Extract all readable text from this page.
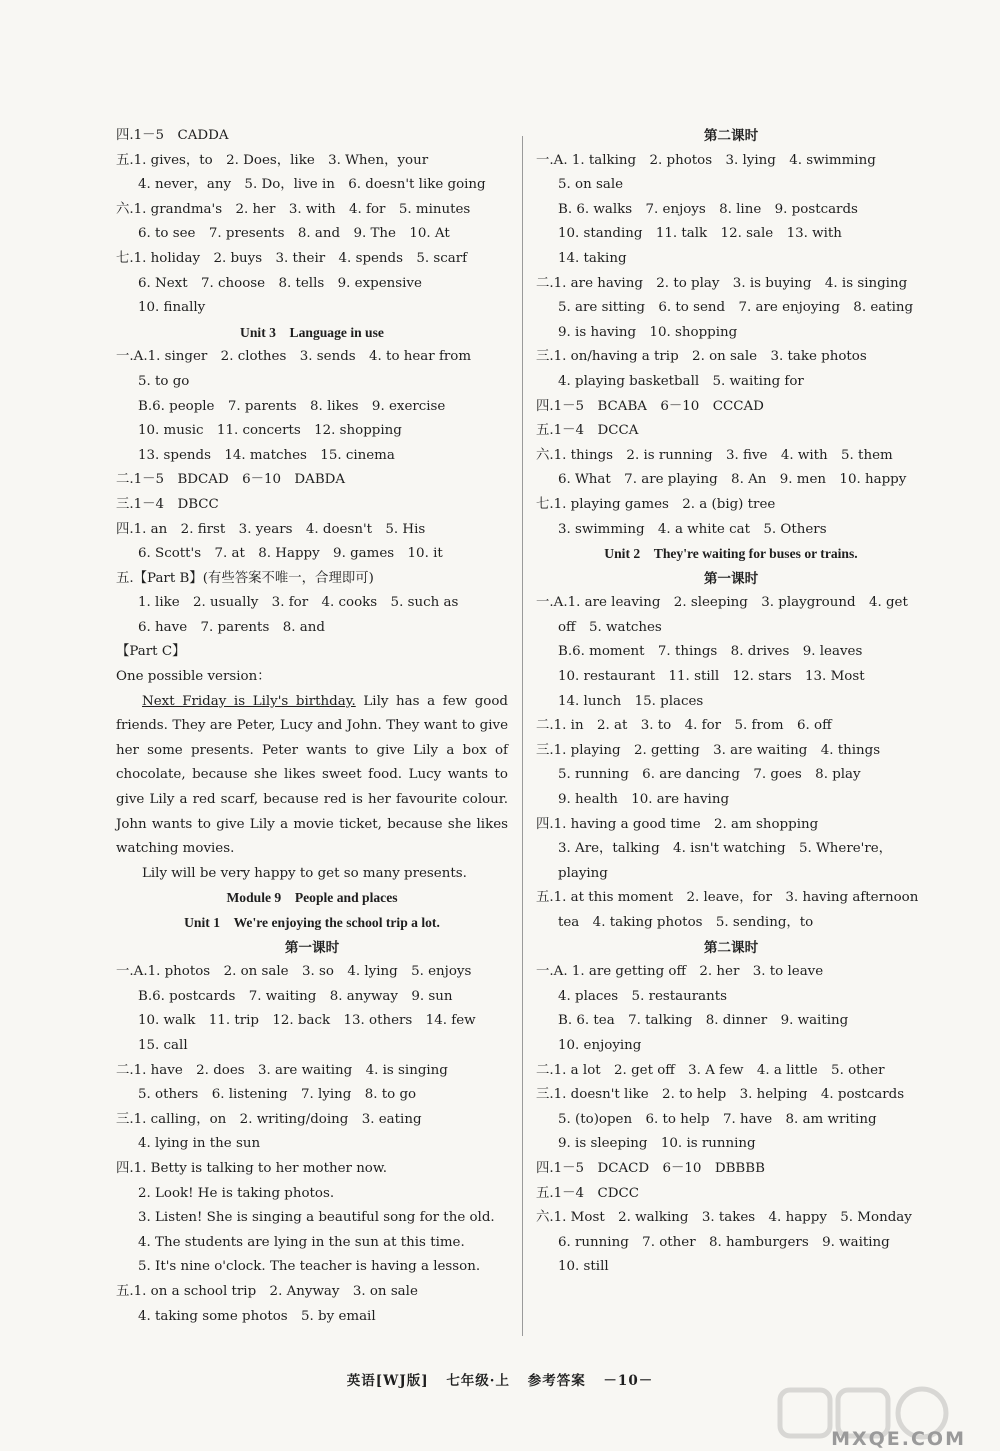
四.1－5　CADDA
五.1. gives，to　2. Does，like　3. When，your
4. never，any　5. Do，live in　6. doesn't like going
六.1. grandma's　2. her　3. with　4. for　5. minutes
6. to see　7. presents　8. and　9. The　10. At
七.1. holiday　2. buys　3. their　4. spends　5. scarf
6. Next　7. choose　8. tells　9. expensive
10. finally
Unit 3　Language in use
一.A.1. singer　2. clothes　3. sends　4. to hear from
5. to go
B.6. people　7. parents　8. likes　9. exercise
10. music　11. concerts　12. shopping
13. spends　14. matches　15. cinema
二.1－5　BDCAD　6－10　DABDA
三.1－4　DBCC
四.1. an　2. first　3. years　4. doesn't　5. His
6. Scott's　7. at　8. Happy　9. games　10. it
五.【Part B】(有些答案不唯一，合理即可)
1. like　2. usually　3. for　4. cooks　5. such as
6. have　7. parents　8. and
【Part C】
One possible version：

Next Friday is Lily's birthday. Lily has a few good friends. They are Peter, Lucy and John. They want to give her some presents. Peter wants to give Lily a box of chocolate, because she likes sweet food. Lucy wants to give Lily a red scarf, because red is her favourite colour. John wants to give Lily a movie ticket, because she likes watching movies.

Lily will be very happy to get so many presents.

Module 9　People and places
Unit 1　We're enjoying the school trip a lot.
第一课时
一.A.1. photos　2. on sale　3. so　4. lying　5. enjoys
B.6. postcards　7. waiting　8. anyway　9. sun
10. walk　11. trip　12. back　13. others　14. few
15. call
二.1. have　2. does　3. are waiting　4. is singing
5. others　6. listening　7. lying　8. to go
三.1. calling，on　2. writing/doing　3. eating
4. lying in the sun
四.1. Betty is talking to her mother now.
2. Look! He is taking photos.
3. Listen! She is singing a beautiful song for the old.
4. The students are lying in the sun at this time.
5. It's nine o'clock. The teacher is having a lesson.
五.1. on a school trip　2. Anyway　3. on sale
4. taking some photos　5. by email
第二课时
一.A. 1. talking　2. photos　3. lying　4. swimming
5. on sale
B. 6. walks　7. enjoys　8. line　9. postcards
10. standing　11. talk　12. sale　13. with
14. taking
二.1. are having　2. to play　3. is buying　4. is singing
5. are sitting　6. to send　7. are enjoying　8. eating
9. is having　10. shopping
三.1. on/having a trip　2. on sale　3. take photos
4. playing basketball　5. waiting for
四.1－5　BCABA　6－10　CCCAD
五.1－4　DCCA
六.1. things　2. is running　3. five　4. with　5. them
6. What　7. are playing　8. An　9. men　10. happy
七.1. playing games　2. a (big) tree
3. swimming　4. a white cat　5. Others
Unit 2　They're waiting for buses or trains.
第一课时
一.A.1. are leaving　2. sleeping　3. playground　4. get
off　5. watches
B.6. moment　7. things　8. drives　9. leaves
10. restaurant　11. still　12. stars　13. Most
14. lunch　15. places
二.1. in　2. at　3. to　4. for　5. from　6. off
三.1. playing　2. getting　3. are waiting　4. things
5. running　6. are dancing　7. goes　8. play
9. health　10. are having
四.1. having a good time　2. am shopping
3. Are，talking　4. isn't watching　5. Where're，
playing
五.1. at this moment　2. leave，for　3. having afternoon
tea　4. taking photos　5. sending，to
第二课时
一.A. 1. are getting off　2. her　3. to leave
4. places　5. restaurants
B. 6. tea　7. talking　8. dinner　9. waiting
10. enjoying
二.1. a lot　2. get off　3. A few　4. a little　5. other
三.1. doesn't like　2. to help　3. helping　4. postcards
5. (to)open　6. to help　7. have　8. am writing
9. is sleeping　10. is running
四.1－5　DCACD　6－10　DBBBB
五.1－4　CDCC
六.1. Most　2. walking　3. takes　4. happy　5. Monday
6. running　7. other　8. hamburgers　9. waiting
10. still
英语[WJ版] 七年级·上 参考答案 －10－
MXQE.COM
